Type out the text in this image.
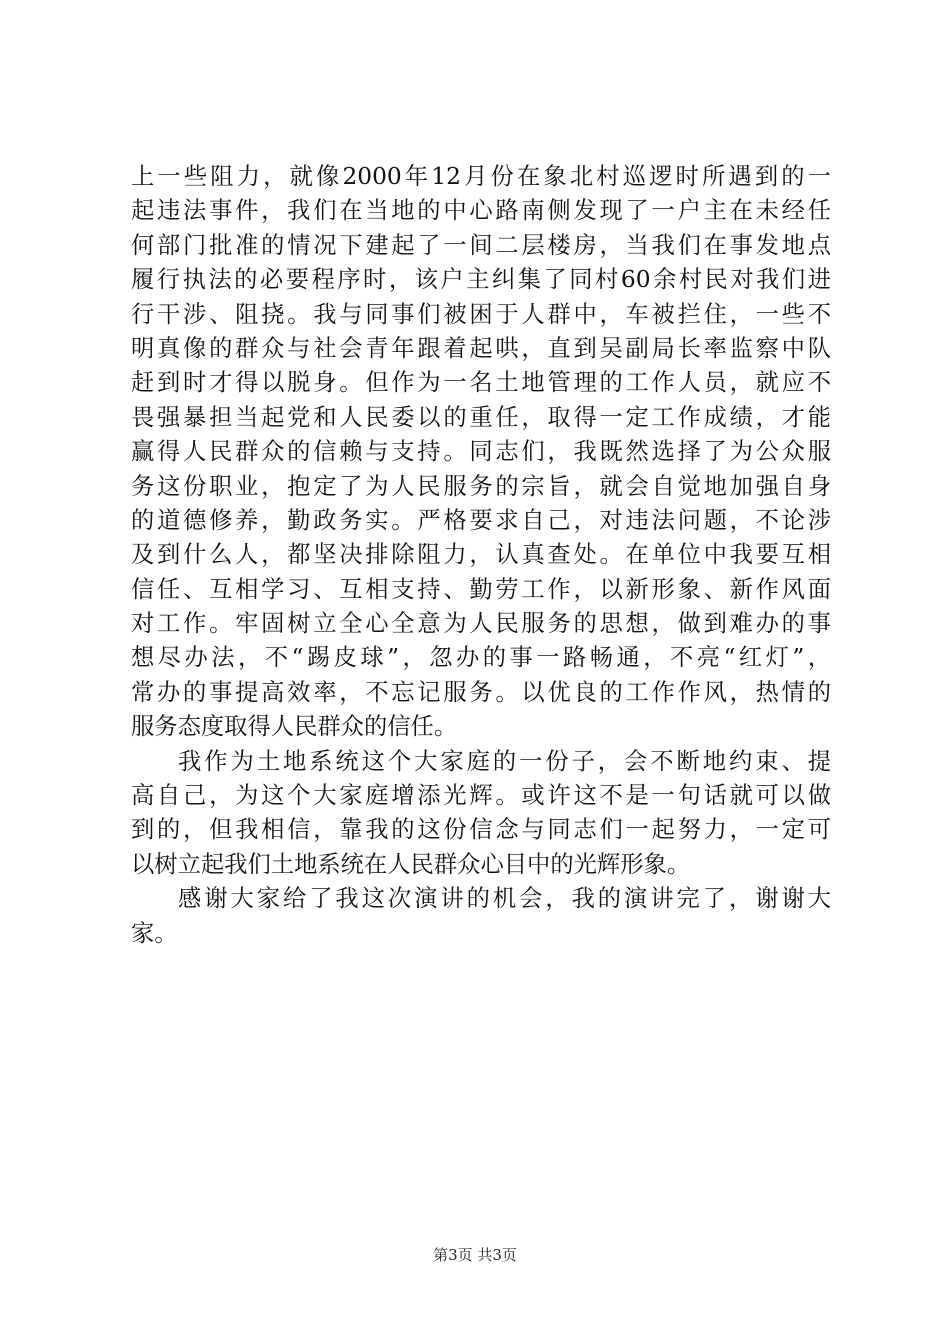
上一些阻力，就像2000年12月份在象北村巡逻时所遇到的一
起违法事件，我们在当地的中心路南侧发现了一户主在未经任
何部门批准的情况下建起了一间二层楼房，当我们在事发地点
履行执法的必要程序时，该户主纠集了同村60余村民对我们进
行干涉、阻挠。我与同事们被困于人群中，车被拦住，一些不
明真像的群众与社会青年跟着起哄，直到吴副局长率监察中队
赶到时才得以脱身。但作为一名土地管理的工作人员，就应不
畏强暴担当起党和人民委以的重任，取得一定工作成绩，才能
赢得人民群众的信赖与支持。同志们，我既然选择了为公众服
务这份职业，抱定了为人民服务的宗旨，就会自觉地加强自身
的道德修养，勤政务实。严格要求自己，对违法问题，不论涉
及到什么人，都坚决排除阻力，认真查处。在单位中我要互相
信任、互相学习、互相支持、勤劳工作，以新形象、新作风面
对工作。牢固树立全心全意为人民服务的思想，做到难办的事
想尽办法，不“踢皮球”，忽办的事一路畅通，不亮“红灯”，
常办的事提高效率，不忘记服务。以优良的工作作风，热情的
服务态度取得人民群众的信任。
我作为土地系统这个大家庭的一份子，会不断地约束、提
高自己，为这个大家庭增添光辉。或许这不是一句话就可以做
到的，但我相信，靠我的这份信念与同志们一起努力，一定可
以树立起我们土地系统在人民群众心目中的光辉形象。
感谢大家给了我这次演讲的机会，我的演讲完了，谢谢大
家。
第3页 共3页
